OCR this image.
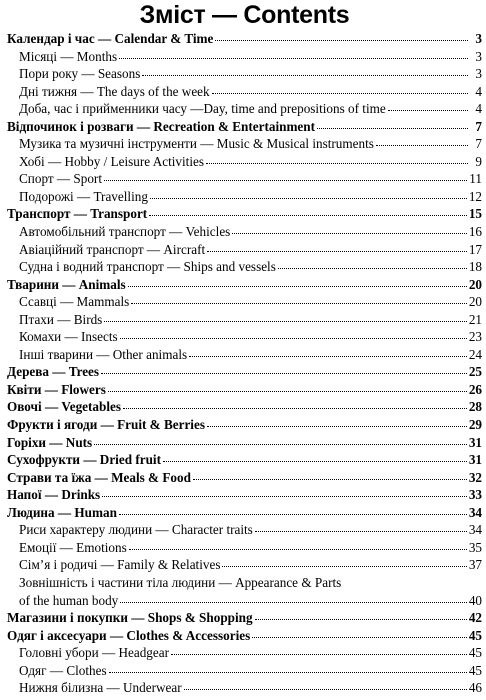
Зміст — Contents
Календар і час — Calendar & Time	3
Місяці — Months	3
Пори року — Seasons	3
Дні тижня — The days of the week	4
Доба, час і прийменники часу —Day, time and prepositions of time	4
Відпочинок і розваги — Recreation & Entertainment	7
Музика та музичні інструменти — Music & Musical instruments	7
Хобі — Hobby / Leisure Activities	9
Спорт — Sport	11
Подорожі — Travelling	12
Транспорт — Transport	15
Автомобільний транспорт — Vehicles	16
Авіаційний транспорт — Aircraft	17
Судна і водний транспорт — Ships and vessels	18
Тварини — Animals	20
Ссавці — Mammals	20
Птахи — Birds	21
Комахи — Insects	23
Інші тварини — Other animals	24
Дерева — Trees	25
Квіти — Flowers	26
Овочі — Vegetables	28
Фрукти і ягоди — Fruit & Berries	29
Горіхи — Nuts	31
Сухофрукти — Dried fruit	31
Страви та їжа — Meals & Food	32
Напої — Drinks	33
Людина — Human	34
Риси характеру людини — Character traits	34
Емоції — Emotions	35
Сім’я і родичі — Family & Relatives	37
Зовнішність і частини тіла людини — Appearance & Parts
of the human body	40
Магазини і покупки — Shops & Shopping	42
Одяг і аксесуари — Clothes & Accessories	45
Головні убори — Headgear	45
Одяг — Clothes	45
Нижня білизна — Underwear	46
